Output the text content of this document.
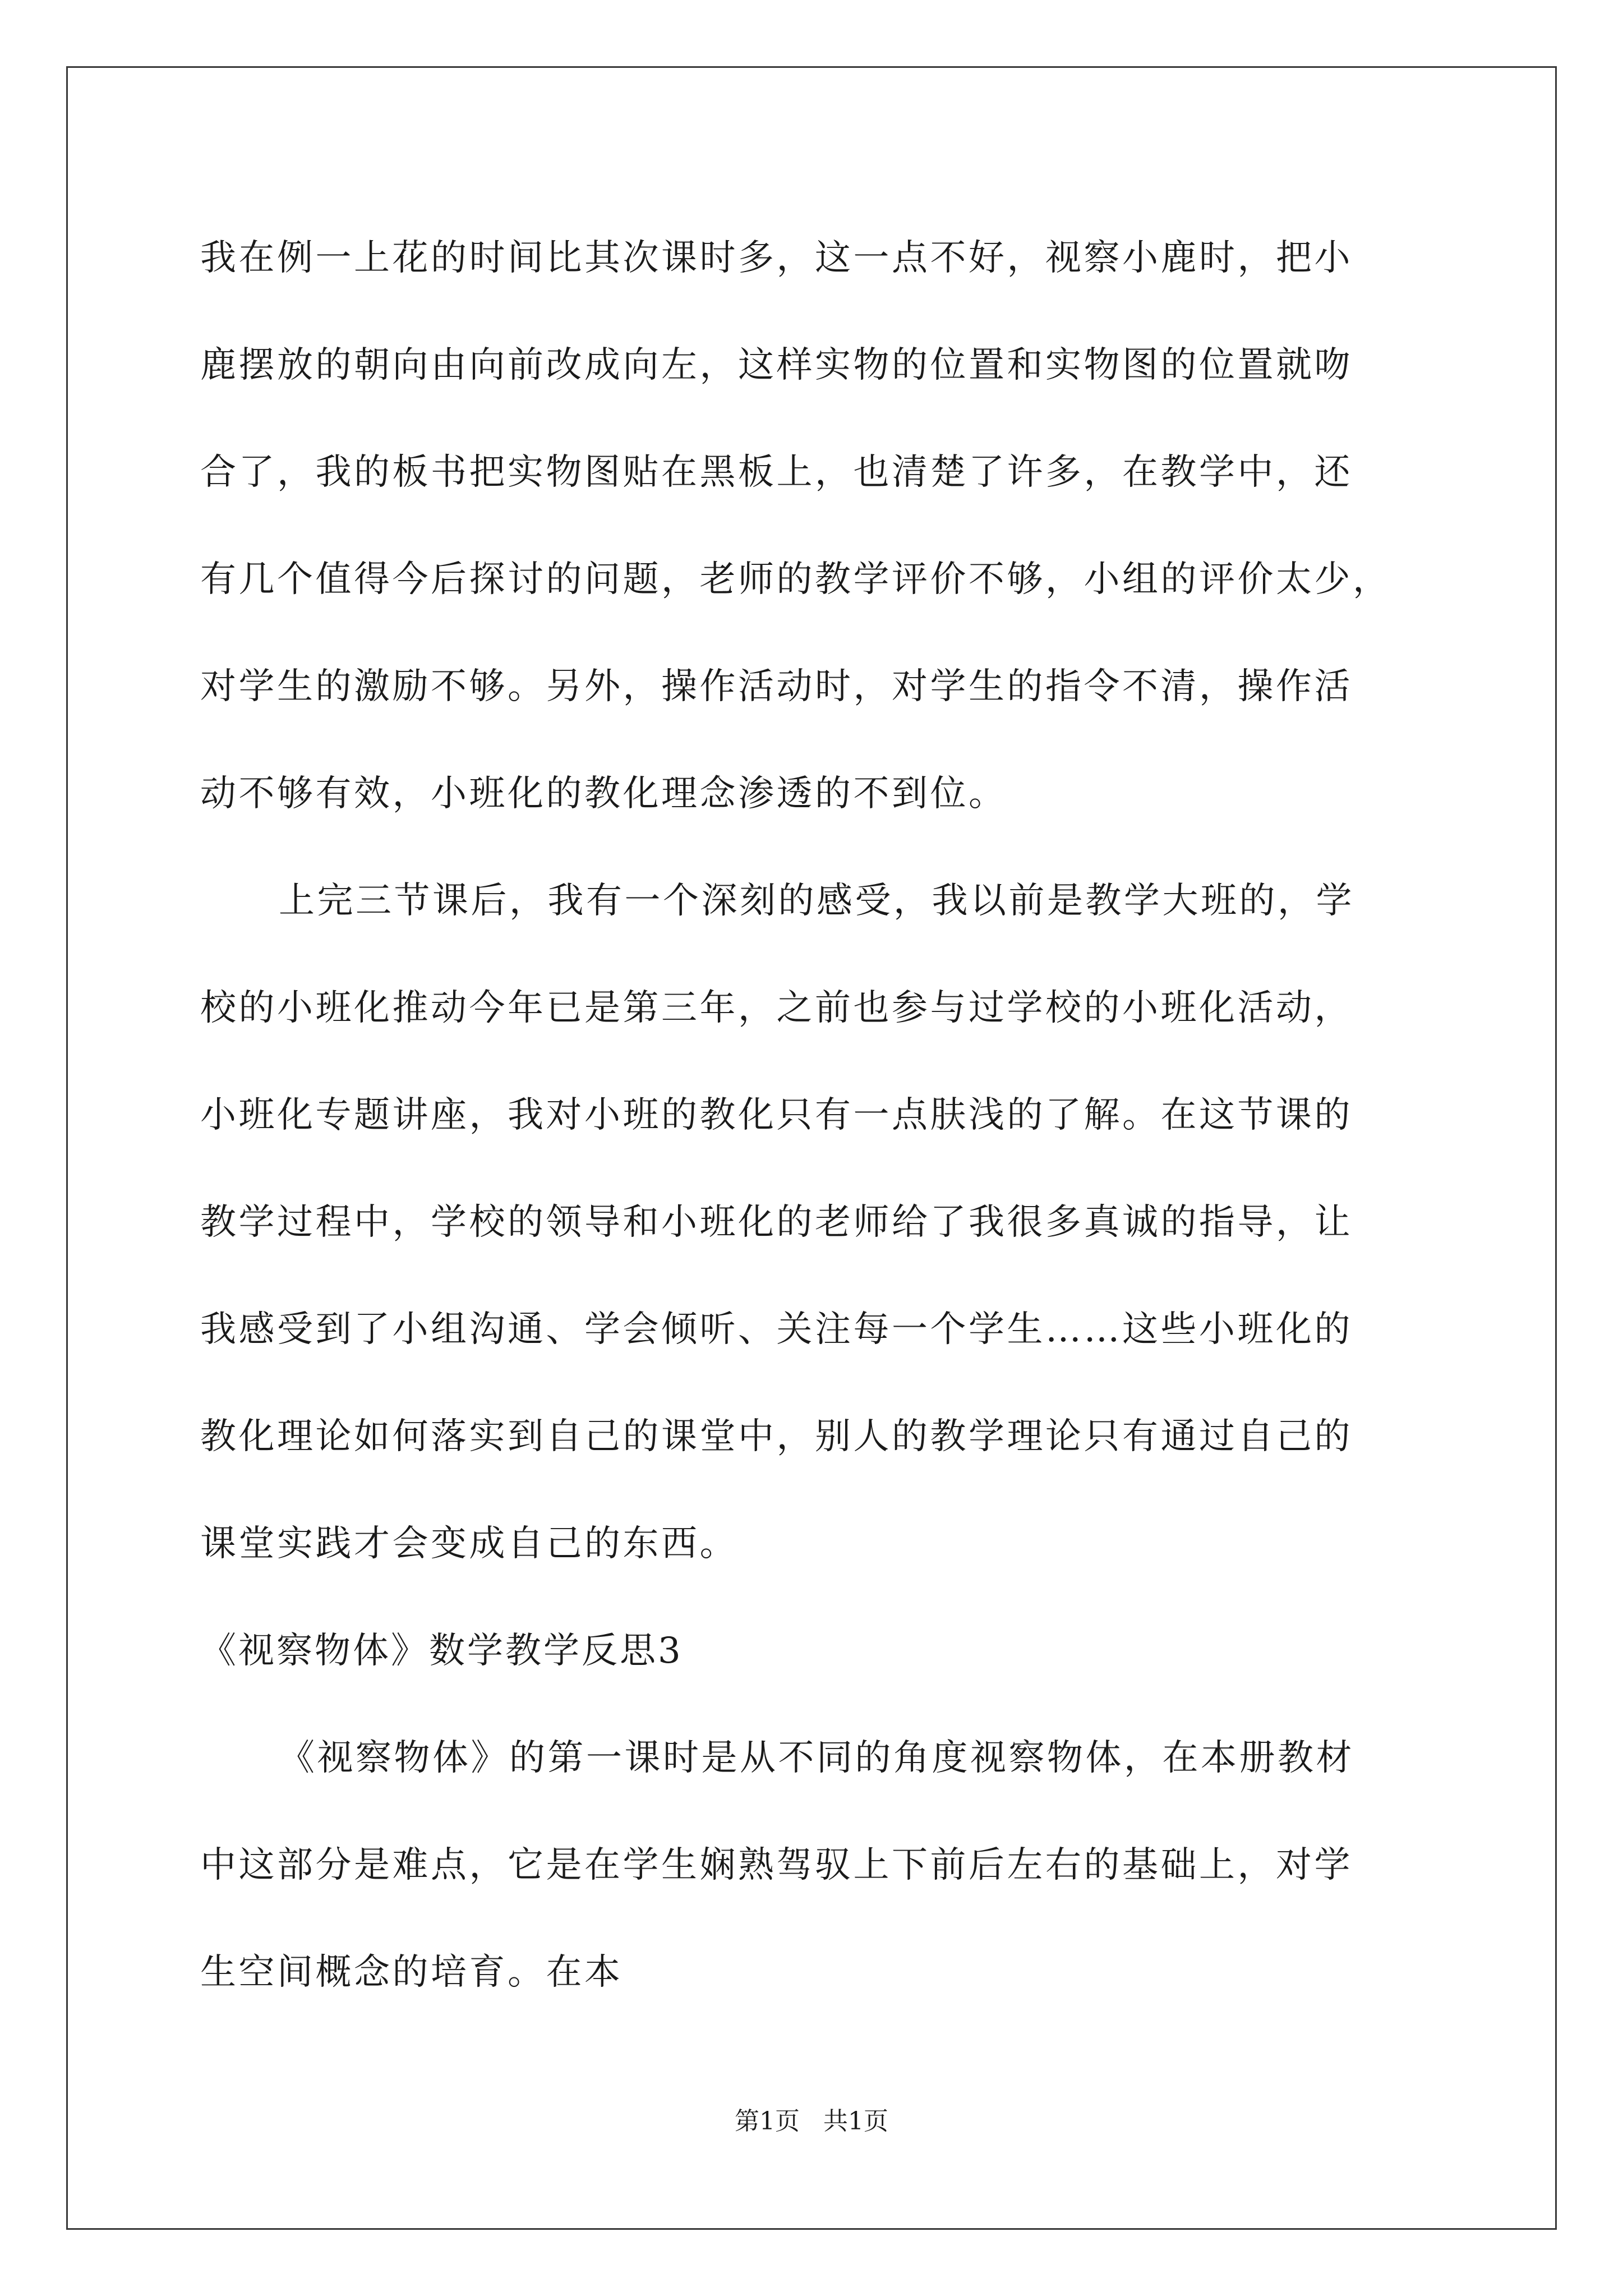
我在例一上花的时间比其次课时多，这一点不好，视察小鹿时，把小
鹿摆放的朝向由向前改成向左，这样实物的位置和实物图的位置就吻
合了，我的板书把实物图贴在黑板上，也清楚了许多，在教学中，还
有几个值得今后探讨的问题，老师的教学评价不够，小组的评价太少，
对学生的激励不够。另外，操作活动时，对学生的指令不清，操作活
动不够有效，小班化的教化理念渗透的不到位。
上完三节课后，我有一个深刻的感受，我以前是教学大班的，学
校的小班化推动今年已是第三年，之前也参与过学校的小班化活动，
小班化专题讲座，我对小班的教化只有一点肤浅的了解。在这节课的
教学过程中，学校的领导和小班化的老师给了我很多真诚的指导，让
我感受到了小组沟通、学会倾听、关注每一个学生……这些小班化的
教化理论如何落实到自己的课堂中，别人的教学理论只有通过自己的
课堂实践才会变成自己的东西。
《视察物体》数学教学反思3
《视察物体》的第一课时是从不同的角度视察物体，在本册教材
中这部分是难点，它是在学生娴熟驾驭上下前后左右的基础上，对学
生空间概念的培育。在本
第1页   共1页
